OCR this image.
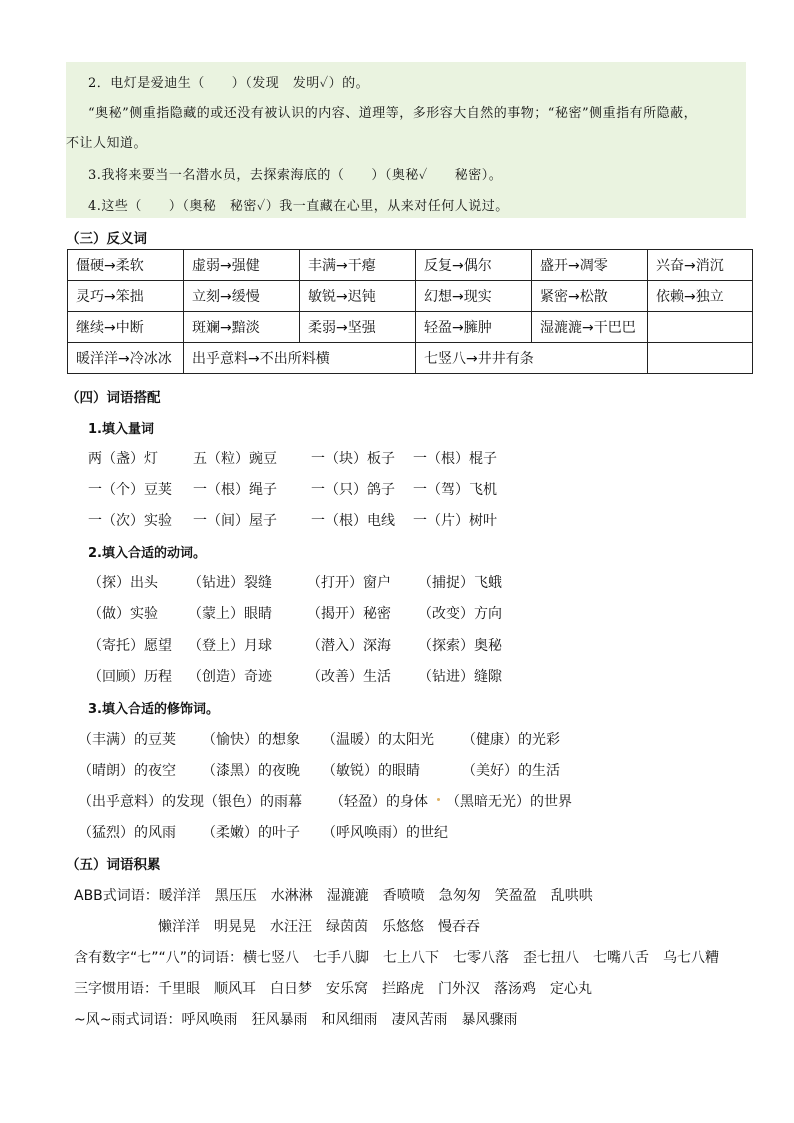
2．电灯是爱迪生（　　）（发现　发明✓）的。
“奥秘”侧重指隐藏的或还没有被认识的内容、道理等，多形容大自然的事物；“秘密”侧重指有所隐蔽，
不让人知道。
3.我将来要当一名潜水员，去探索海底的（　　）（奥秘✓　　秘密）。
4.这些（　　）（奥秘　秘密✓）我一直藏在心里，从来对任何人说过。
（三）反义词
僵硬→柔软	虚弱→强健	丰满→干瘪	反复→偶尔	盛开→凋零	兴奋→消沉
灵巧→笨拙	立刻→缓慢	敏锐→迟钝	幻想→现实	紧密→松散	依赖→独立
继续→中断	斑斓→黯淡	柔弱→坚强	轻盈→臃肿	湿漉漉→干巴巴	
暖洋洋→冷冰冰	出乎意料→不出所料横		七竖八→井井有条		
（四）词语搭配
1.填入量词
两（盏）灯	五（粒）豌豆 一（块）板子 一（根）棍子
一（个）豆荚 一（根）绳子 一（只）鸽子 一（驾）飞机
一（次）实验 一（间）屋子 一（根）电线 一（片）树叶
2.填入合适的动词。
（探）出头 （钻进）裂缝	（打开）窗户 （捕捉）飞蛾
（做）实验 （蒙上）眼睛	（揭开）秘密 （改变）方向
（寄托）愿望 （登上）月球	（潜入）深海 （探索）奥秘
（回顾）历程 （创造）奇迹	（改善）生活 （钻进）缝隙
3.填入合适的修饰词。
（丰满）的豆荚 （愉快）的想象 （温暖）的太阳光 （健康）的光彩
（晴朗）的夜空 （漆黑）的夜晚 （敏锐）的眼睛	（美好）的生活
（出乎意料）的发现（银色）的雨幕 （轻盈）的身体 （黑暗无光）的世界
（猛烈）的风雨 （柔嫩）的叶子 （呼风唤雨）的世纪
（五）词语积累
ABB式词语：暖洋洋 黑压压 水淋淋 湿漉漉 香喷喷 急匆匆 笑盈盈 乱哄哄
懒洋洋 明晃晃 水汪汪 绿茵茵 乐悠悠 慢吞吞
含有数字“七”“八”的词语：横七竖八 七手八脚 七上八下 七零八落 歪七扭八 七嘴八舌 乌七八糟
三字惯用语：千里眼 顺风耳 白日梦 安乐窝 拦路虎 门外汉 落汤鸡 定心丸
~风~雨式词语：呼风唤雨 狂风暴雨 和风细雨 凄风苦雨 暴风骤雨
